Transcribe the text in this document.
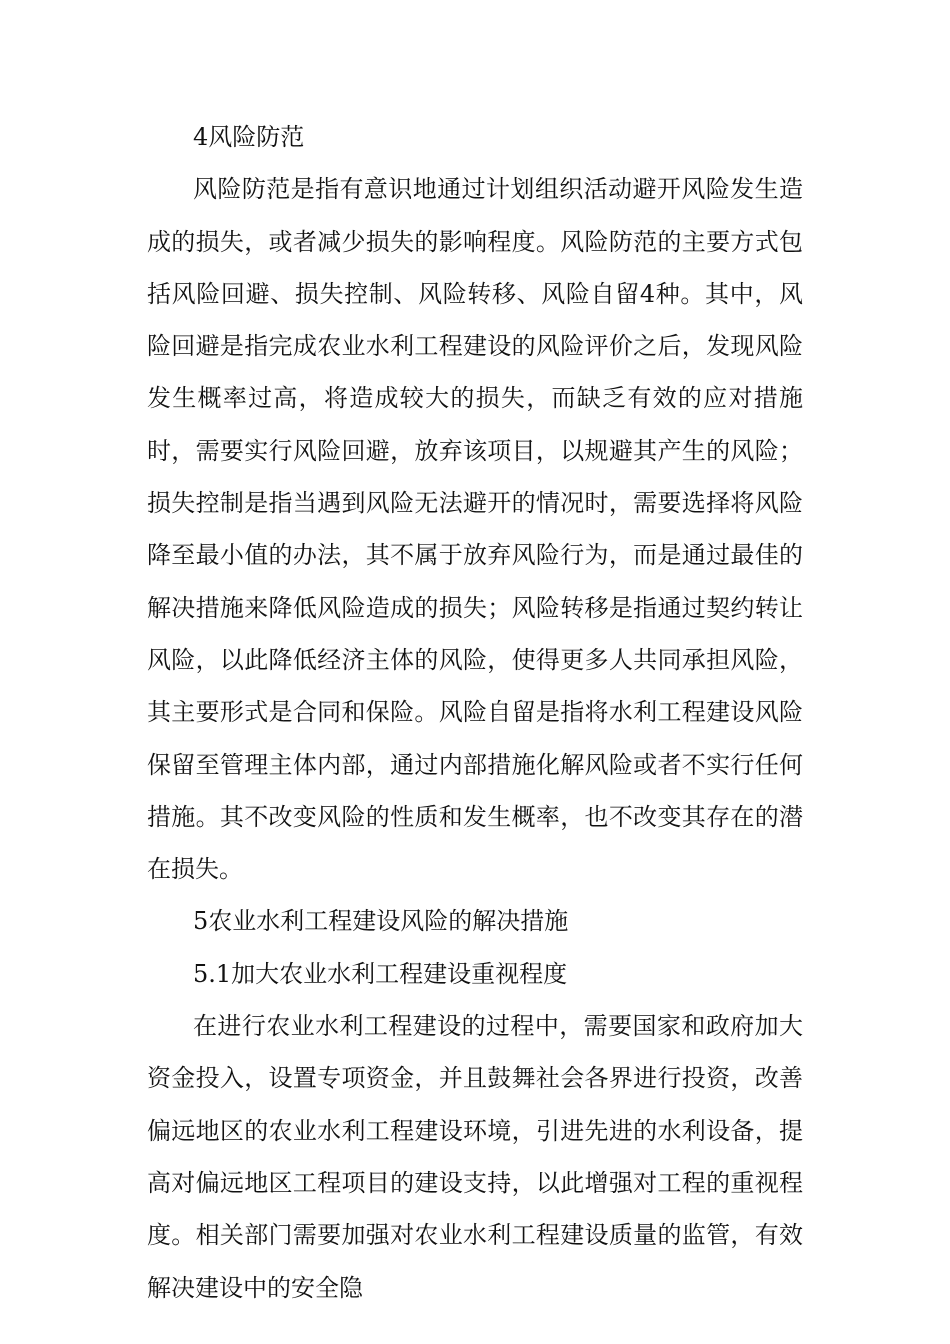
4风险防范

风险防范是指有意识地通过计划组织活动避开风险发生造成的损失，或者减少损失的影响程度。风险防范的主要方式包括风险回避、损失控制、风险转移、风险自留4种。其中，风险回避是指完成农业水利工程建设的风险评价之后，发现风险发生概率过高，将造成较大的损失，而缺乏有效的应对措施时，需要实行风险回避，放弃该项目，以规避其产生的风险；损失控制是指当遇到风险无法避开的情况时，需要选择将风险降至最小值的办法，其不属于放弃风险行为，而是通过最佳的解决措施来降低风险造成的损失；风险转移是指通过契约转让风险，以此降低经济主体的风险，使得更多人共同承担风险，其主要形式是合同和保险。风险自留是指将水利工程建设风险保留至管理主体内部，通过内部措施化解风险或者不实行任何措施。其不改变风险的性质和发生概率，也不改变其存在的潜在损失。

5农业水利工程建设风险的解决措施

5.1加大农业水利工程建设重视程度

在进行农业水利工程建设的过程中，需要国家和政府加大资金投入，设置专项资金，并且鼓舞社会各界进行投资，改善偏远地区的农业水利工程建设环境，引进先进的水利设备，提高对偏远地区工程项目的建设支持，以此增强对工程的重视程度。相关部门需要加强对农业水利工程建设质量的监管，有效解决建设中的安全隐
